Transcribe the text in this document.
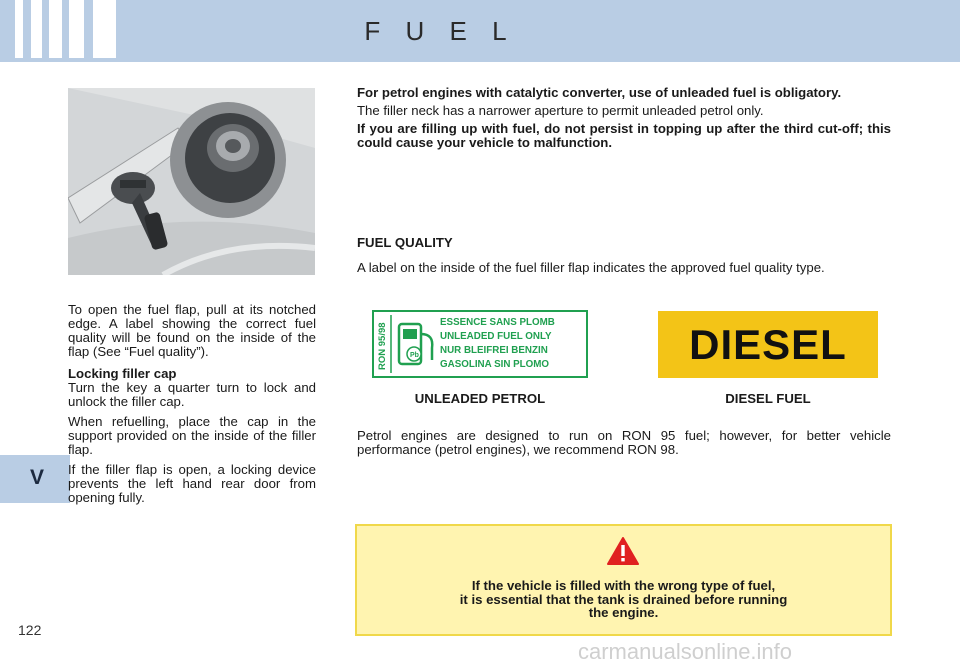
F U E L
V
122

To open the fuel flap, pull at its notched edge. A label showing the correct fuel quality will be found on the inside of the flap (See “Fuel quality”).

Locking filler cap

Turn the key a quarter turn to lock and unlock the filler cap.

When refuelling, place the cap in the support provided on the inside of the filler flap.

If the filler flap is open, a locking device prevents the left hand rear door from opening fully.

For petrol engines with catalytic converter, use of unleaded fuel is obligatory.

The filler neck has a narrower aperture to permit unleaded petrol only.

If you are filling up with fuel, do not persist in topping up after the third cut-off; this could cause your vehicle to malfunction.

FUEL QUALITY

A label on the inside of the fuel filler flap indicates the approved fuel quality type.

RON 95/98	Pb
ESSENCE SANS PLOMB
UNLEADED FUEL ONLY
NUR BLEIFREI BENZIN
GASOLINA SIN PLOMO	DIESEL
UNLEADED PETROL	DIESEL FUEL

Petrol engines are designed to run on RON 95 fuel; however, for better vehicle performance (petrol engines), we recommend RON 98.

If the vehicle is filled with the wrong type of fuel,
it is essential that the tank is drained before running
the engine.

carmanualsonline.info
